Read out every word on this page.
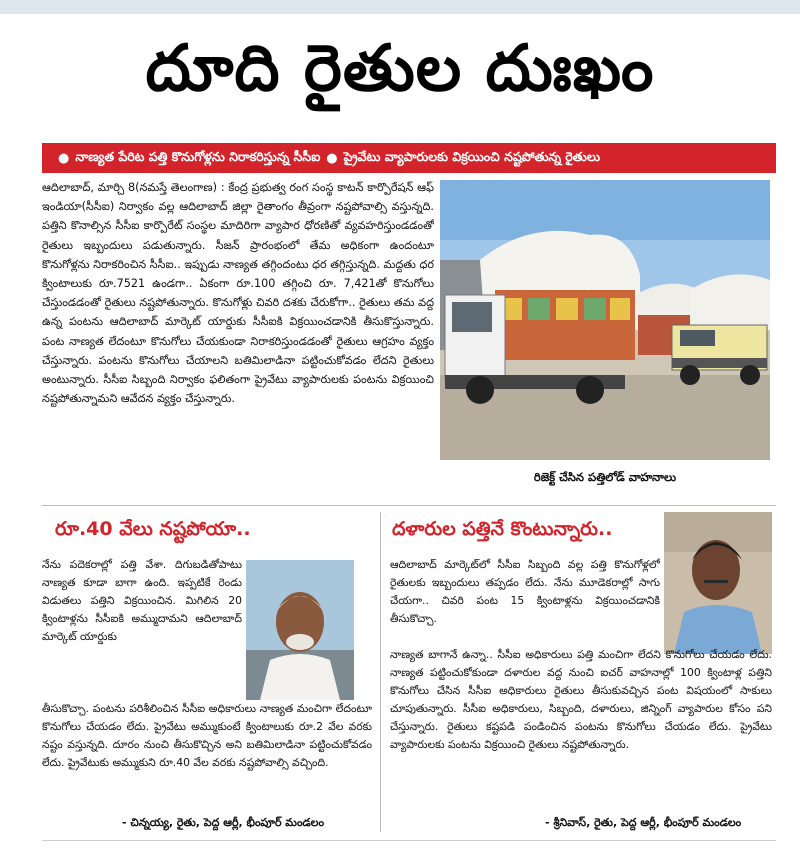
దూది రైతుల దుఃఖం
● నాణ్యత పేరిట పత్తి కొనుగోళ్లను నిరాకరిస్తున్న సీసీఐ ● ప్రైవేటు వ్యాపారులకు విక్రయించి నష్టపోతున్న రైతులు
ఆదిలాబాద్, మార్చి 8(నమస్తే తెలంగాణ) : కేంద్ర ప్రభుత్వ రంగ సంస్థ కాటన్ కార్పొరేషన్ ఆఫ్ ఇండియా(సీసీఐ) నిర్వాకం వల్ల ఆదిలాబాద్ జిల్లా రైతాంగం తీవ్రంగా నష్టపోవాల్సి వస్తున్నది. పత్తిని కొనాల్సిన సీసీఐ కార్పొరేట్ సంస్థల మాదిరిగా వ్యాపార ధోరణితో వ్యవహరిస్తుండడంతో రైతులు ఇబ్బందులు పడుతున్నారు. సీజన్ ప్రారంభంలో తేమ అధికంగా ఉందంటూ కొనుగోళ్లను నిరాకరించిన సీసీఐ.. ఇప్పుడు నాణ్యత తగ్గిందంటు ధర తగ్గిస్తున్నది. మద్దతు ధర క్వింటాలుకు రూ.7521 ఉండగా.. ఏకంగా రూ.100 తగ్గించి రూ. 7,421తో కొనుగోలు చేస్తుండడంతో రైతులు నష్టపోతున్నారు. కొనుగోళ్లు చివరి దశకు చేరుకోగా.. రైతులు తమ వద్ద ఉన్న పంటను ఆదిలాబాద్ మార్కెట్ యార్డుకు సీసీఐకి విక్రయించడానికి తీసుకొస్తున్నారు. పంట నాణ్యత లేదంటూ కొనుగోలు చేయకుండా నిరాకరిస్తుండడంతో రైతులు ఆగ్రహం వ్యక్తం చేస్తున్నారు. పంటను కొనుగోలు చేయాలని బతిమిలాడినా పట్టించుకోవడం లేదని రైతులు అంటున్నారు. సీసీఐ సిబ్బంది నిర్వాకం ఫలితంగా ప్రైవేటు వ్యాపారులకు పంటను విక్రయించి నష్టపోతున్నామని ఆవేదన వ్యక్తం చేస్తున్నారు.
రిజెక్ట్ చేసిన పత్తిలోడ్ వాహనాలు
రూ.40 వేలు నష్టపోయా..
నేను పదెకరాల్లో పత్తి వేశా. దిగుబడితోపాటు నాణ్యత కూడా బాగా ఉంది. ఇప్పటికే రెండు విడుతలు పత్తిని విక్రయించిన. మిగిలిన 20 క్వింటాళ్లను సీసీఐకి అమ్ముదామని ఆదిలాబాద్ మార్కెట్ యార్డుకు
తీసుకొచ్చా. పంటను పరిశీలించిన సీసీఐ అధికారులు నాణ్యత మంచిగా లేదంటూ కొనుగోలు చేయడం లేదు. ప్రైవేటు అమ్ముకుంటే క్వింటాలుకు రూ.2 వేల వరకు నష్టం వస్తున్నది. దూరం నుంచి తీసుకొచ్చిన అని బతిమిలాడినా పట్టించుకోవడం లేదు. ప్రైవేటుకు అమ్ముకుని రూ.40 వేల వరకు నష్టపోవాల్సి వచ్చింది.
- చిన్నయ్య, రైతు, పెద్ద ఆర్లీ, భీంపూర్ మండలం
దళారుల పత్తినే కొంటున్నారు..
ఆదిలాబాద్ మార్కెట్‌లో సీసీఐ సిబ్బంది వల్ల పత్తి కొనుగోళ్లలో రైతులకు ఇబ్బందులు తప్పడం లేదు. నేను మూడెకరాల్లో సాగు చేయగా.. చివరి పంట 15 క్వింటాళ్లను విక్రయించడానికి తీసుకొచ్చా.
నాణ్యత బాగానే ఉన్నా.. సీసీఐ అధికారులు పత్తి మంచిగా లేదని కొనుగోలు చేయడం లేదు. నాణ్యత పట్టించుకోకుండా దళారుల వద్ద నుంచి ఐచర్ వాహనాల్లో 100 క్వింటాళ్ల పత్తిని కొనుగోలు చేసిన సీసీఐ అధికారులు రైతులు తీసుకువచ్చిన పంట విషయంలో సాకులు చూపుతున్నారు. సీసీఐ అధికారులు, సిబ్బంది, దళారులు, జిన్నింగ్ వ్యాపారుల కోసం పని చేస్తున్నారు. రైతులు కష్టపడి పండించిన పంటను కొనుగోలు చేయడం లేదు. ప్రైవేటు వ్యాపారులకు పంటను విక్రయించి రైతులు నష్టపోతున్నారు.
- శ్రీనివాస్, రైతు, పెద్ద ఆర్లీ, భీంపూర్ మండలం
